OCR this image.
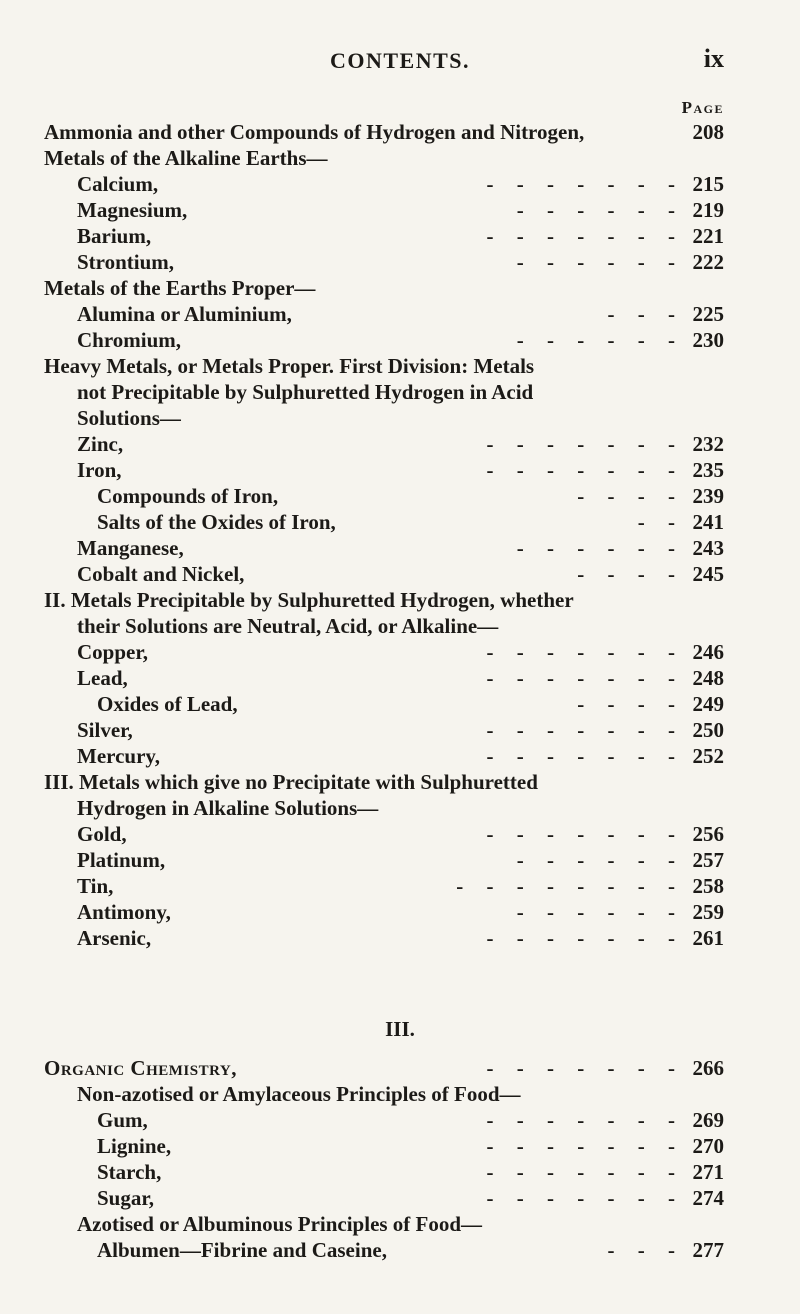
CONTENTS.	ix
Page
Ammonia and other Compounds of Hydrogen and Nitrogen,	208
Metals of the Alkaline Earths—
Calcium,	- - - - - - - 215
Magnesium,	- - - - - - 219
Barium,	- - - - - - - 221
Strontium,	- - - - - - 222
Metals of the Earths Proper—
Alumina or Aluminium,	- - - 225
Chromium,	- - - - - - 230
Heavy Metals, or Metals Proper. First Division: Metals
not Precipitable by Sulphuretted Hydrogen in Acid
Solutions—
Zinc,	- - - - - - - 232
Iron,	- - - - - - - 235
Compounds of Iron,	- - - - 239
Salts of the Oxides of Iron,	- - 241
Manganese,	- - - - - - 243
Cobalt and Nickel,	- - - - 245
II. Metals Precipitable by Sulphuretted Hydrogen, whether
their Solutions are Neutral, Acid, or Alkaline—
Copper,	- - - - - - - 246
Lead,	- - - - - - - 248
Oxides of Lead,	- - - - 249
Silver,	- - - - - - - 250
Mercury,	- - - - - - - 252
III. Metals which give no Precipitate with Sulphuretted
Hydrogen in Alkaline Solutions—
Gold,	- - - - - - - 256
Platinum,	- - - - - - 257
Tin,	- - - - - - - - 258
Antimony,	- - - - - - 259
Arsenic,	- - - - - - - 261
III.
Organic Chemistry,	- - - - - - - 266
Non-azotised or Amylaceous Principles of Food—
Gum,	- - - - - - - 269
Lignine,	- - - - - - - 270
Starch,	- - - - - - - 271
Sugar,	- - - - - - - 274
Azotised or Albuminous Principles of Food—
Albumen—Fibrine and Caseine,	- - - 277
